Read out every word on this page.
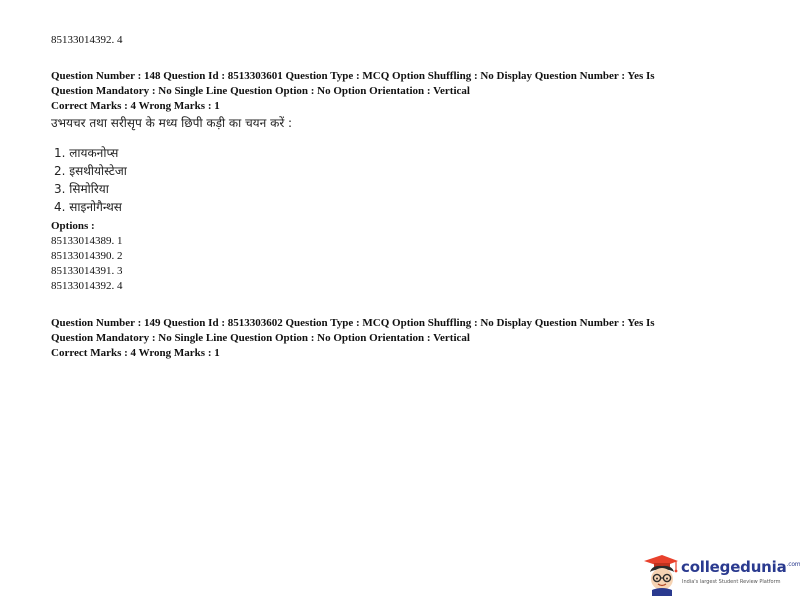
85133014392. 4
Question Number : 148 Question Id : 8513303601 Question Type : MCQ Option Shuffling : No Display Question Number : Yes Is
Question Mandatory : No Single Line Question Option : No Option Orientation : Vertical
Correct Marks : 4 Wrong Marks : 1
उभयचर तथा सरीसृप के मध्य छिपी कड़ी का चयन करें :
1. लायकनोप्स
2. इसथीयोस्टेजा
3. सिमोरिया
4. साइनोगैन्थस
Options :
85133014389. 1
85133014390. 2
85133014391. 3
85133014392. 4
Question Number : 149 Question Id : 8513303602 Question Type : MCQ Option Shuffling : No Display Question Number : Yes Is
Question Mandatory : No Single Line Question Option : No Option Orientation : Vertical
Correct Marks : 4 Wrong Marks : 1
collegedunia$^{.com}$
India's largest Student Review Platform
